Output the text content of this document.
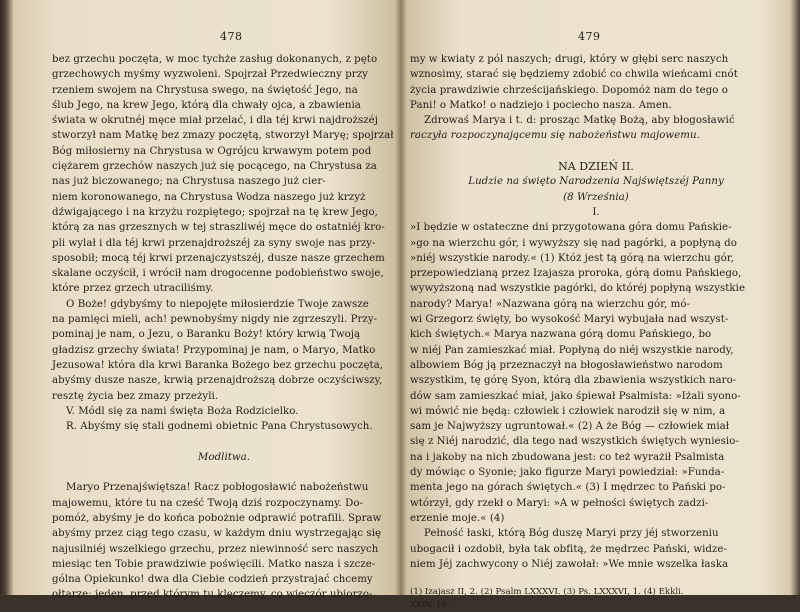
478
bez grzechu poczęta, w moc tychże zasług dokonanych, z pęto
grzechowych myśmy wyzwoleni. Spojrzał Przedwieczny przy
rzeniem swojem na Chrystusa swego, na świętość Jego, na
ślub Jego, na krew Jego, którą dla chwały ojca, a zbawienia
świata w okrutnéj męce miał przelać, i dla téj krwi najdroższéj
stworzył nam Matkę bez zmazy poczętą, stworzył Maryę; spojrzał
Bóg miłosierny na Chrystusa w Ogrójcu krwawym potem pod
ciężarem grzechów naszych już się pocącego, na Chrystusa za
nas już biczowanego; na Chrystusa naszego już cier-
niem koronowanego, na Chrystusa Wodza naszego już krzyż
dźwigającego i na krzyżu rozpiętego; spojrzał na tę krew Jego,
którą za nas grzesznych w tej straszliwéj męce do ostatniéj kro-
pli wylał i dla téj krwi przenajdroższéj za syny swoje nas przy-
sposobił; mocą téj krwi przenajczystszéj, dusze nasze grzechem
skalane oczyścił, i wrócił nam drogocenne podobieństwo swoje,
które przez grzech utraciliśmy.
O Boże! gdybyśmy to niepojęte miłosierdzie Twoje zawsze
na pamięci mieli, ach! pewnobyśmy nigdy nie zgrzeszyli. Przy-
pominaj je nam, o Jezu, o Baranku Boży! który krwią Twoją
gładzisz grzechy świata! Przypominaj je nam, o Maryo, Matko
Jezusowa! która dla krwi Baranka Bożego bez grzechu poczęta,
abyśmy dusze nasze, krwią przenajdroższą dobrze oczyściwszy,
resztę życia bez zmazy przeżyli.
V. Módl się za nami święta Boża Rodzicielko.
R. Abyśmy się stali godnemi obietnic Pana Chrystusowych.
Modlitwa.
Maryo Przenajświętsza! Racz pobłogosławić nabożeństwu
majowemu, które tu na cześć Twoją dziś rozpoczynamy. Do-
pomóż, abyśmy je do końca pobożnie odprawić potrafili. Spraw
abyśmy przez ciąg tego czasu, w każdym dniu wystrzegając się
najusilniéj wszelkiego grzechu, przez niewinność serc naszych
miesiąc ten Tobie prawdziwie poświęcili. Matko nasza i szcze-
gólna Opiekunko! dwa dla Ciebie codzień przystrajać chcemy
ołtarze: jeden, przed którym tu klęczemy, co wieczór ubiorzo-
479
my w kwiaty z pól naszych; drugi, który w głębi serc naszych
wznosimy, starać się będziemy zdobić co chwila wieńcami cnót
życia prawdziwie chrześcijańskiego. Dopomóż nam do tego o
Pani! o Matko! o nadziejo i pociecho nasza. Amen.
Zdrowaś Marya i t. d: prosząc Matkę Bożą, aby błogosławić
raczyła rozpoczynającemu się nabożeństwu majowemu.
NA DZIEŃ II.
Ludzie na święto Narodzenia Najświętszéj Panny
(8 Września)
I.
»I będzie w ostateczne dni przygotowana góra domu Pańskie-
»go na wierzchu gór, i wywyższy się nad pagórki, a popłyną do
»niéj wszystkie narody.« (1) Któż jest tą górą na wierzchu gór,
przepowiedzianą przez Izajasza proroka, górą domu Pańskiego,
wywyższoną nad wszystkie pagórki, do któréj popłyną wszystkie
narody? Marya! »Nazwana górą na wierzchu gór, mó-
wi Grzegorz święty, bo wysokość Maryi wybujała nad wszyst-
kich świętych.« Marya nazwana górą domu Pańskiego, bo
w niéj Pan zamieszkać miał. Popłyną do niéj wszystkie narody,
albowiem Bóg ją przeznaczył na błogosławieństwo narodom
wszystkim, tę górę Syon, którą dla zbawienia wszystkich naro-
dów sam zamieszkać miał, jako śpiewał Psalmista: »Iżali syono-
wi mówić nie będą: człowiek i człowiek narodził się w nim, a
sam je Najwyższy ugruntował.« (2) A że Bóg — człowiek miał
się z Niéj narodzić, dla tego nad wszystkich świętych wyniesio-
na i jakoby na nich zbudowana jest: co też wyrażił Psalmista
dy mówiąc o Syonie; jako figurze Maryi powiedział: »Funda-
menta jego na górach świętych.« (3) I mędrzec to Pański po-
wtórzył, gdy rzekł o Maryi: »A w pełności świętych zadzi-
erzenie moje.« (4)
Pełność łaski, którą Bóg duszę Maryi przy jéj stworzeniu
ubogacił i ozdobił, była tak obfitą, że mędrzec Pański, widze-
niem Jéj zachwycony o Niéj zawołał: »We mnie wszelka łaska
(1) Izajasz II, 2. (2) Psalm LXXXVI. (3) Ps. LXXXVI, 1. (4) Ekkli.
XXIV, 16.
